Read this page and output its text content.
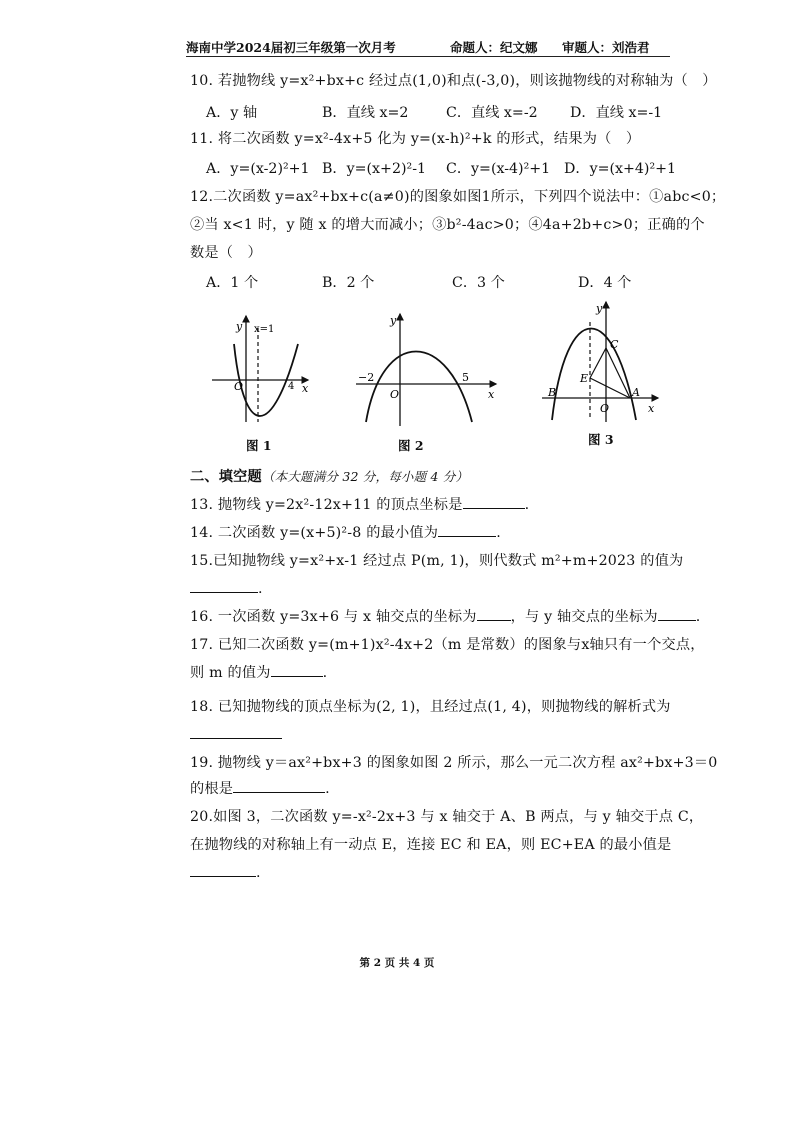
海南中学2024届初三年级第一次月考	命题人：纪文娜 审题人：刘浩君
10. 若抛物线 y=x²+bx+c 经过点(1,0)和点(-3,0)，则该抛物线的对称轴为（　）
A．y 轴	B．直线 x=2	C．直线 x=-2 D．直线 x=-1
11. 将二次函数 y=x²-4x+5 化为 y=(x-h)²+k 的形式，结果为（　）
A．y=(x-2)²+1 B．y=(x+2)²-1 C．y=(x-4)²+1 D．y=(x+4)²+1
12.二次函数 y=ax²+bx+c(a≠0)的图象如图1所示，下列四个说法中：①abc<0；
②当 x<1 时，y 随 x 的增大而减小；③b²-4ac>0；④4a+2b+c>0；正确的个
数是（　）
A．1 个	B．2 个	C．3 个	D．4 个
y
x
O
x=1
4
图 1
y
x
O
−2	5
图 2
y
x
O
A
B
C
E
图 3
二、填空题（本大题满分 32 分，每小题 4 分）
13. 抛物线 y=2x²-12x+11 的顶点坐标是	.
14. 二次函数 y=(x+5)²-8 的最小值为	.
15.已知抛物线 y=x²+x-1 经过点 P(m, 1)，则代数式 m²+m+2023 的值为
.
16. 一次函数 y=3x+6 与 x 轴交点的坐标为 ，与 y 轴交点的坐标为	.
17. 已知二次函数 y=(m+1)x²-4x+2（m 是常数）的图象与x轴只有一个交点，
则 m 的值为	.
18. 已知抛物线的顶点坐标为(2, 1)，且经过点(1, 4)，则抛物线的解析式为
19. 抛物线 y＝ax²+bx+3 的图象如图 2 所示，那么一元二次方程 ax²+bx+3＝0
的根是	.
20.如图 3，二次函数 y=-x²-2x+3 与 x 轴交于 A、B 两点，与 y 轴交于点 C，
在抛物线的对称轴上有一动点 E，连接 EC 和 EA，则 EC+EA 的最小值是
.
第 2 页 共 4 页
